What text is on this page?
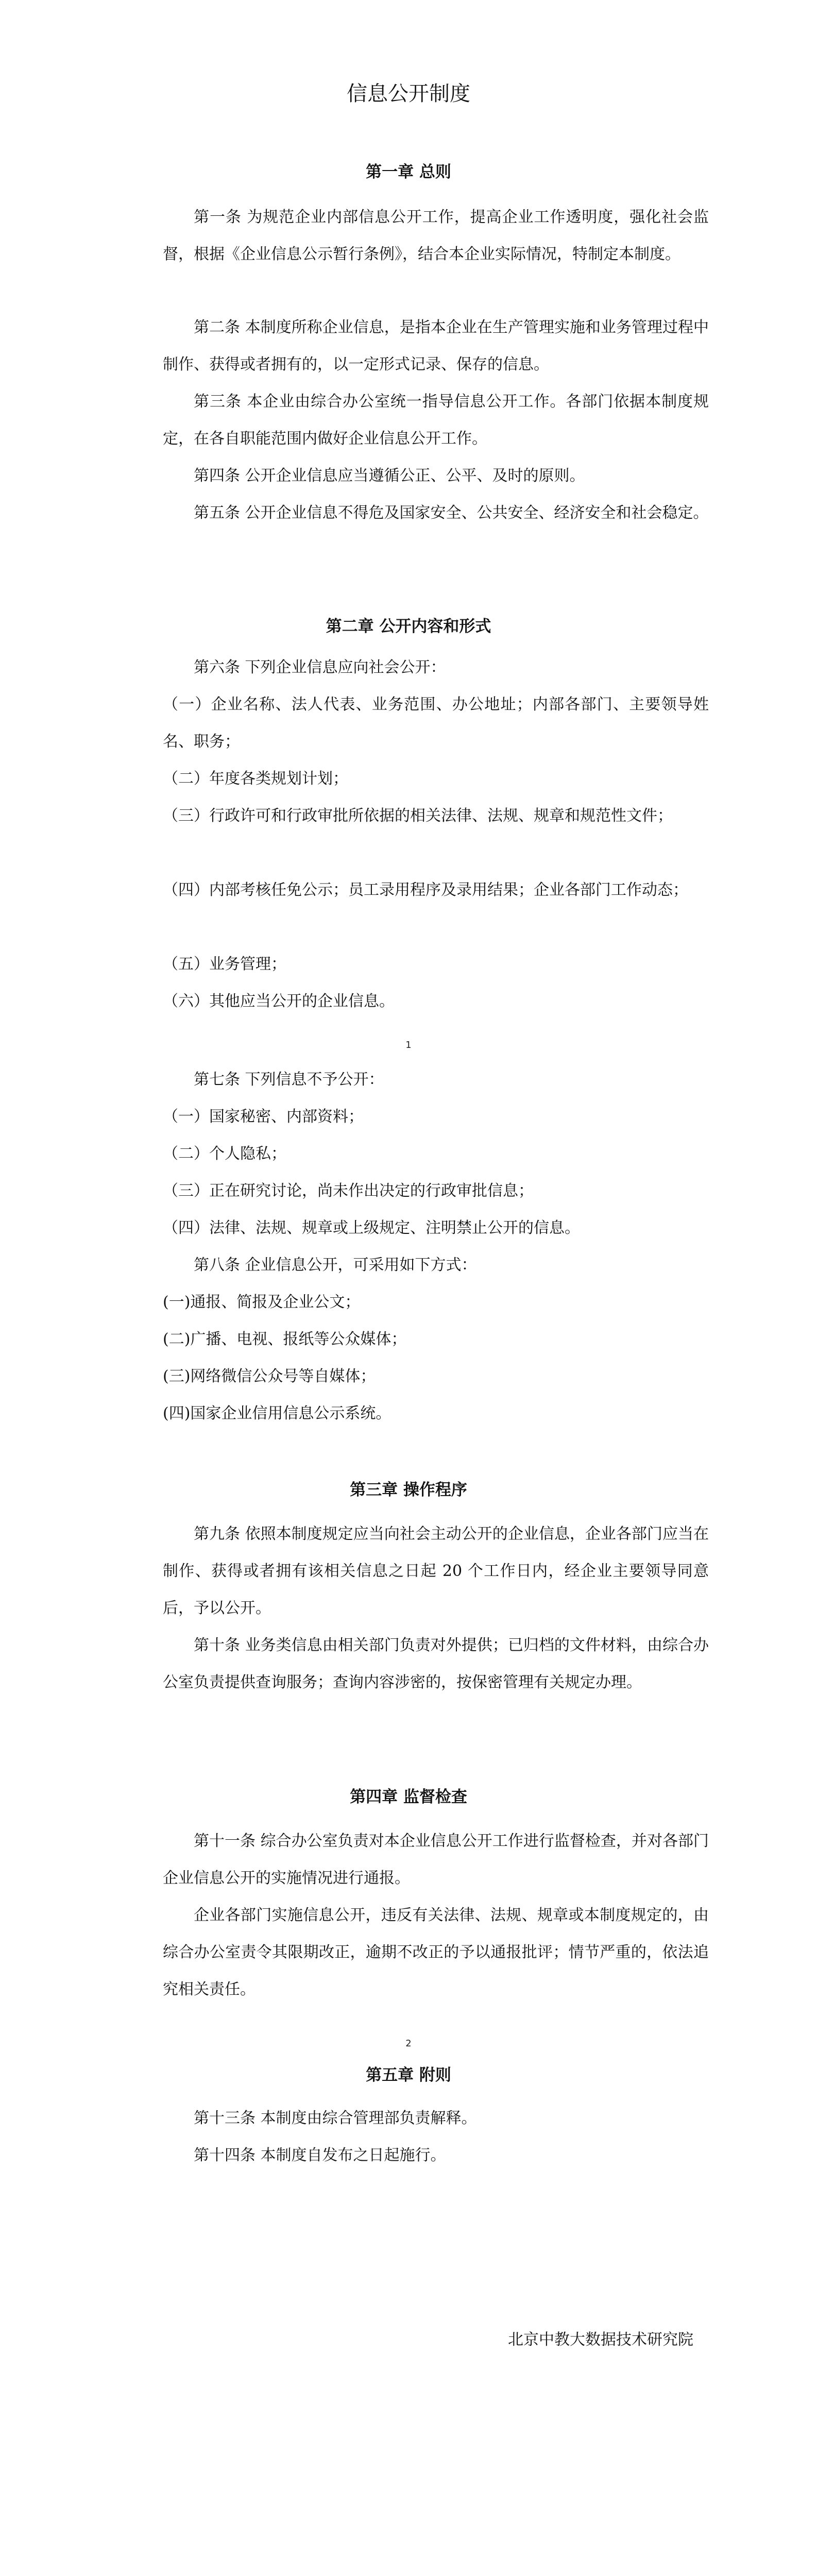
信息公开制度
第一章 总则

第一条 为规范企业内部信息公开工作，提高企业工作透明度，强化社会监督，根据《企业信息公示暂行条例》，结合本企业实际情况，特制定本制度。

第二条 本制度所称企业信息，是指本企业在生产管理实施和业务管理过程中制作、获得或者拥有的，以一定形式记录、保存的信息。

第三条 本企业由综合办公室统一指导信息公开工作。各部门依据本制度规定，在各自职能范围内做好企业信息公开工作。

第四条 公开企业信息应当遵循公正、公平、及时的原则。

第五条 公开企业信息不得危及国家安全、公共安全、经济安全和社会稳定。

第二章 公开内容和形式

第六条 下列企业信息应向社会公开：

（一）企业名称、法人代表、业务范围、办公地址；内部各部门、主要领导姓名、职务；

（二）年度各类规划计划；

（三）行政许可和行政审批所依据的相关法律、法规、规章和规范性文件；

（四）内部考核任免公示；员工录用程序及录用结果；企业各部门工作动态；

（五）业务管理；

（六）其他应当公开的企业信息。

1

第七条 下列信息不予公开：

（一）国家秘密、内部资料；

（二）个人隐私；

（三）正在研究讨论，尚未作出决定的行政审批信息；

（四）法律、法规、规章或上级规定、注明禁止公开的信息。

第八条 企业信息公开，可采用如下方式：

(一)通报、简报及企业公文；

(二)广播、电视、报纸等公众媒体；

(三)网络微信公众号等自媒体；

(四)国家企业信用信息公示系统。

第三章 操作程序

第九条 依照本制度规定应当向社会主动公开的企业信息，企业各部门应当在制作、获得或者拥有该相关信息之日起 20 个工作日内，经企业主要领导同意后，予以公开。

第十条 业务类信息由相关部门负责对外提供；已归档的文件材料，由综合办公室负责提供查询服务；查询内容涉密的，按保密管理有关规定办理。

第四章 监督检查

第十一条 综合办公室负责对本企业信息公开工作进行监督检查，并对各部门企业信息公开的实施情况进行通报。

企业各部门实施信息公开，违反有关法律、法规、规章或本制度规定的，由综合办公室责令其限期改正，逾期不改正的予以通报批评；情节严重的，依法追究相关责任。

2
第五章 附则

第十三条 本制度由综合管理部负责解释。

第十四条 本制度自发布之日起施行。

北京中教大数据技术研究院
